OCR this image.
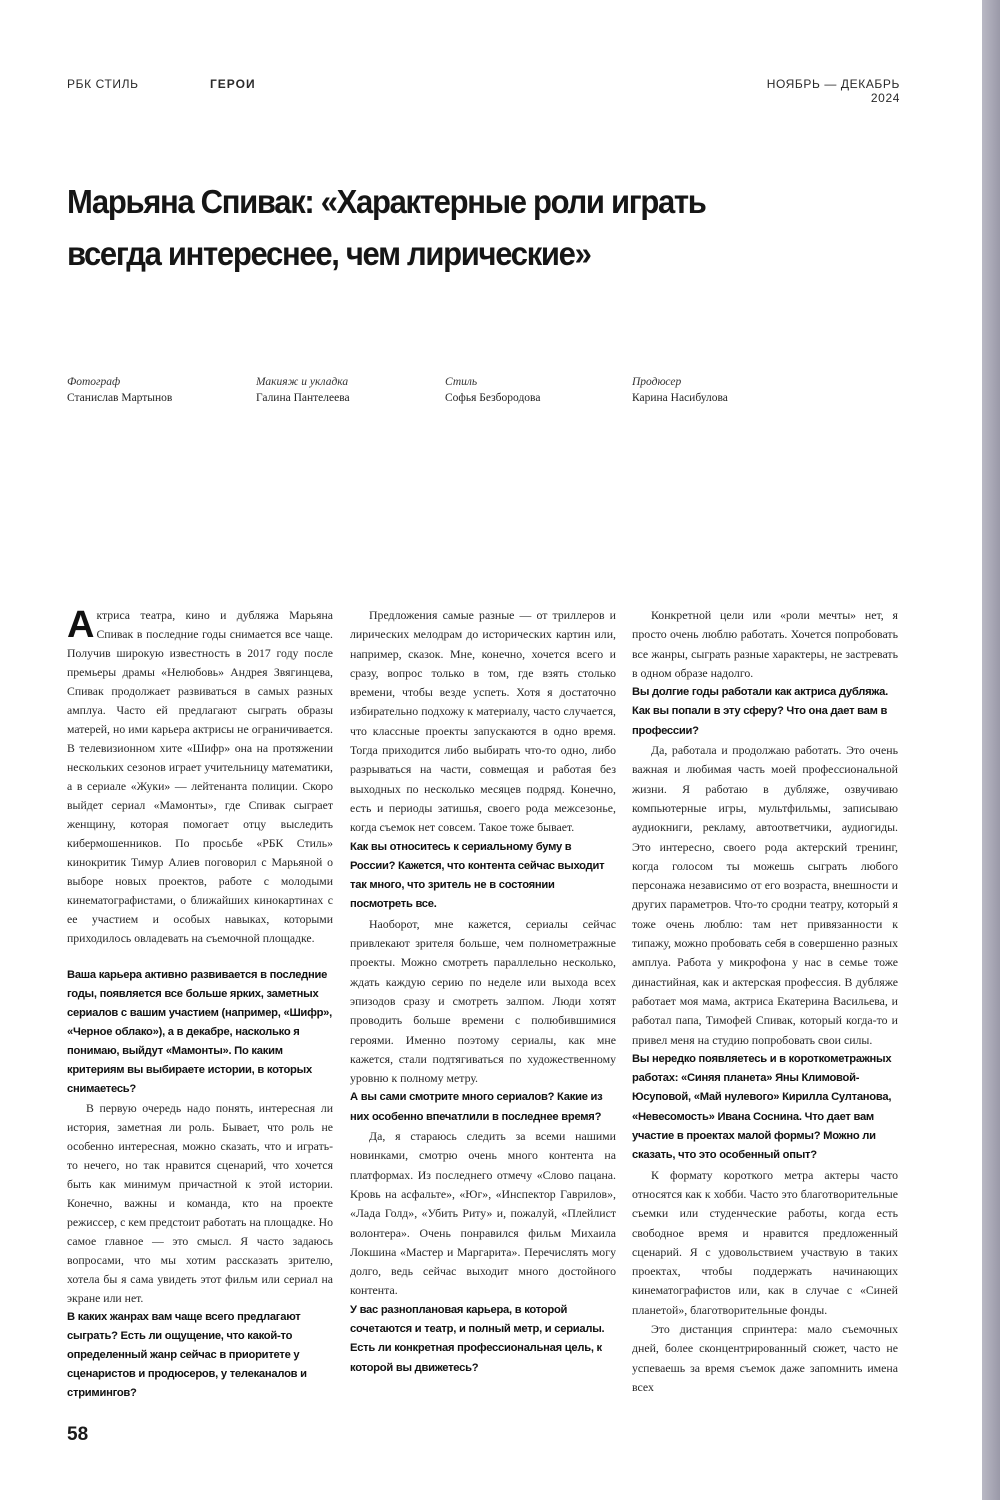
РБК СТИЛЬ	ГЕРОИ	НОЯБРЬ — ДЕКАБРЬ 2024
Марьяна Спивак: «Характерные роли играть всегда интереснее, чем лирические»
Фотограф
Станислав Мартынов
Макияж и укладка
Галина Пантелеева
Стиль
Софья Безбородова
Продюсер
Карина Насибулова

Актриса театра, кино и дубляжа Марьяна Спивак в последние годы снимается все чаще. Получив широкую известность в 2017 году после премьеры драмы «Нелюбовь» Андрея Звягинцева, Спивак продолжает развиваться в самых разных амплуа. Часто ей предлагают сыграть образы матерей, но ими карьера актрисы не ограничивается. В телевизионном хите «Шифр» она на протяжении нескольких сезонов играет учительницу математики, а в сериале «Жуки» — лейтенанта полиции. Скоро выйдет сериал «Мамонты», где Спивак сыграет женщину, которая помогает отцу выследить кибермошенников. По просьбе «РБК Стиль» кинокритик Тимур Алиев поговорил с Марьяной о выборе новых проектов, работе с молодыми кинематографистами, о ближайших кинокартинах с ее участием и особых навыках, которыми приходилось овладевать на съемочной площадке.

Ваша карьера активно развивается в последние годы, появляется все больше ярких, заметных сериалов с вашим участием (например, «Шифр», «Черное облако»), а в декабре, насколько я понимаю, выйдут «Мамонты». По каким критериям вы выбираете истории, в которых снимаетесь?

В первую очередь надо понять, интересная ли история, заметная ли роль. Бывает, что роль не особенно интересная, можно сказать, что и играть-то нечего, но так нравится сценарий, что хочется быть как минимум причастной к этой истории. Конечно, важны и команда, кто на проекте режиссер, с кем предстоит работать на площадке. Но самое главное — это смысл. Я часто задаюсь вопросами, что мы хотим рассказать зрителю, хотела бы я сама увидеть этот фильм или сериал на экране или нет.

В каких жанрах вам чаще всего предлагают сыграть? Есть ли ощущение, что какой-то определенный жанр сейчас в приоритете у сценаристов и продюсеров, у телеканалов и стримингов?

Предложения самые разные — от триллеров и лирических мелодрам до исторических картин или, например, сказок. Мне, конечно, хочется всего и сразу, вопрос только в том, где взять столько времени, чтобы везде успеть. Хотя я достаточно избирательно подхожу к материалу, часто случается, что классные проекты запускаются в одно время. Тогда приходится либо выбирать что-то одно, либо разрываться на части, совмещая и работая без выходных по несколько месяцев подряд. Конечно, есть и периоды затишья, своего рода межсезонье, когда съемок нет совсем. Такое тоже бывает.

Как вы относитесь к сериальному буму в России? Кажется, что контента сейчас выходит так много, что зритель не в состоянии посмотреть все.

Наоборот, мне кажется, сериалы сейчас привлекают зрителя больше, чем полнометражные проекты. Можно смотреть параллельно несколько, ждать каждую серию по неделе или выхода всех эпизодов сразу и смотреть залпом. Люди хотят проводить больше времени с полюбившимися героями. Именно поэтому сериалы, как мне кажется, стали подтягиваться по художественному уровню к полному метру.

А вы сами смотрите много сериалов? Какие из них особенно впечатлили в последнее время?

Да, я стараюсь следить за всеми нашими новинками, смотрю очень много контента на платформах. Из последнего отмечу «Слово пацана. Кровь на асфальте», «Юг», «Инспектор Гаврилов», «Лада Голд», «Убить Риту» и, пожалуй, «Плейлист волонтера». Очень понравился фильм Михаила Локшина «Мастер и Маргарита». Перечислять могу долго, ведь сейчас выходит много достойного контента.

У вас разноплановая карьера, в которой сочетаются и театр, и полный метр, и сериалы. Есть ли конкретная профессиональная цель, к которой вы движетесь?

Конкретной цели или «роли мечты» нет, я просто очень люблю работать. Хочется попробовать все жанры, сыграть разные характеры, не застревать в одном образе надолго.

Вы долгие годы работали как актриса дубляжа. Как вы попали в эту сферу? Что она дает вам в профессии?

Да, работала и продолжаю работать. Это очень важная и любимая часть моей профессиональной жизни. Я работаю в дубляже, озвучиваю компьютерные игры, мультфильмы, записываю аудиокниги, рекламу, автоответчики, аудиогиды. Это интересно, своего рода актерский тренинг, когда голосом ты можешь сыграть любого персонажа независимо от его возраста, внешности и других параметров. Что-то сродни театру, который я тоже очень люблю: там нет привязанности к типажу, можно пробовать себя в совершенно разных амплуа. Работа у микрофона у нас в семье тоже династийная, как и актерская профессия. В дубляже работает моя мама, актриса Екатерина Васильева, и работал папа, Тимофей Спивак, который когда-то и привел меня на студию попробовать свои силы.

Вы нередко появляетесь и в короткометражных работах: «Синяя планета» Яны Климовой-Юсуповой, «Май нулевого» Кирилла Султанова, «Невесомость» Ивана Соснина. Что дает вам участие в проектах малой формы? Можно ли сказать, что это особенный опыт?

К формату короткого метра актеры часто относятся как к хобби. Часто это благотворительные съемки или студенческие работы, когда есть свободное время и нравится предложенный сценарий. Я с удовольствием участвую в таких проектах, чтобы поддержать начинающих кинематографистов или, как в случае с «Синей планетой», благотворительные фонды.

Это дистанция спринтера: мало съемочных дней, более сконцентрированный сюжет, часто не успеваешь за время съемок даже запомнить имена всех

58
